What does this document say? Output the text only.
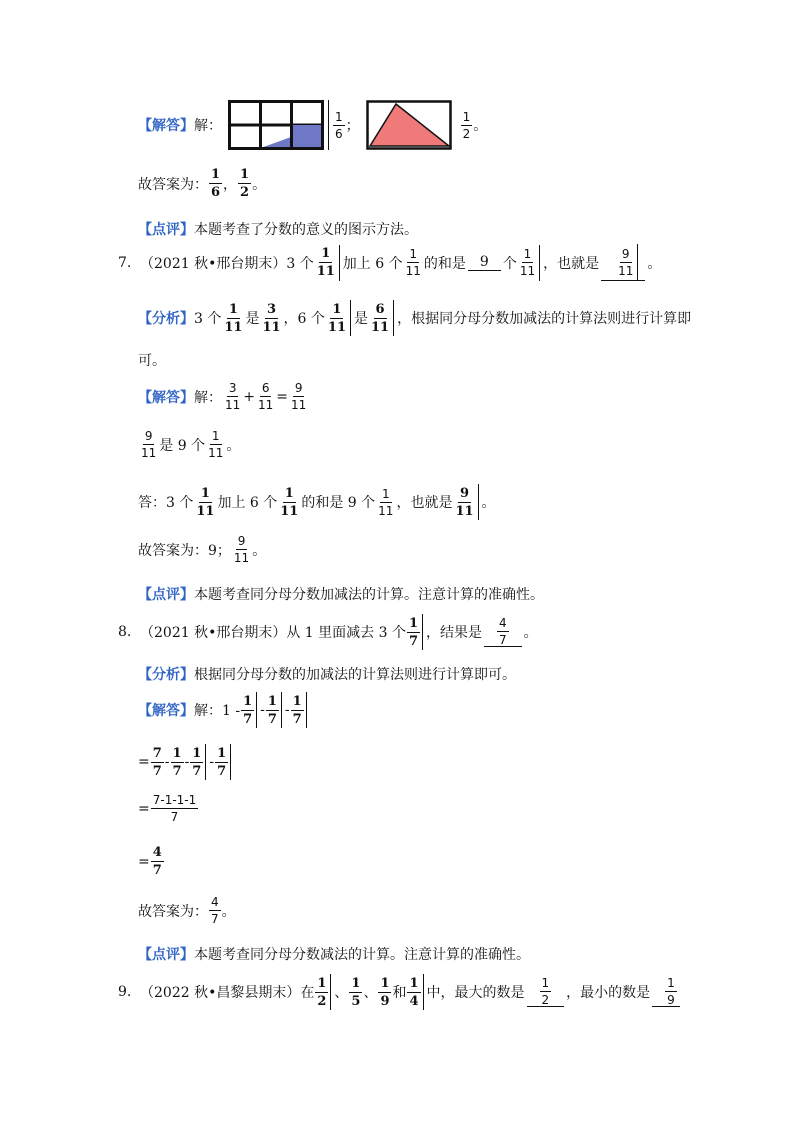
【解答】 解：	$\frac{1}{6}$ ；	$\frac{1}{2}$ 。
故答案为： $\frac{1}{6}$ ， $\frac{1}{2}$ 。
【点评】 本题考查了分数的意义的图示方法。
7. （2021 秋•邢台期末） 3 个 $\frac{1}{11}$ 加上 6 个 $\frac{1}{11}$ 的和是 9 个 $\frac{1}{11}$ ，也就是 $\frac{9}{11}$ 。
【分析】 3 个 $\frac{1}{11}$ 是 $\frac{3}{11}$ ，6 个 $\frac{1}{11}$ 是 $\frac{6}{11}$ ，根据同分母分数加减法的计算法则进行计算即
可。
【解答】 解： $\frac{3}{11} + \frac{6}{11} = \frac{9}{11}$
$\frac{9}{11}$ 是 9 个 $\frac{1}{11}$ 。
答：3 个 $\frac{1}{11}$ 加上 6 个 $\frac{1}{11}$ 的和是 9 个 $\frac{1}{11}$ ，也就是 $\frac{9}{11}$ 。
故答案为：9； $\frac{9}{11}$ 。
【点评】 本题考查同分母分数加减法的计算。注意计算的准确性。
8. （2021 秋•邢台期末） 从 1 里面减去 3 个 $\frac{1}{7}$ ，结果是 $\frac{4}{7}$ 。
【分析】 根据同分母分数的加减法的计算法则进行计算即可。
【解答】 解：$1 - \frac{1}{7} - \frac{1}{7} - \frac{1}{7}$
= $\frac{7}{7} - \frac{1}{7} - \frac{1}{7} - \frac{1}{7}$
= $\frac{7-1-1-1}{7}$
= $\frac{4}{7}$
故答案为： $\frac{4}{7}$ 。
【点评】 本题考查同分母分数减法的计算。注意计算的准确性。
9. （2022 秋•昌黎县期末） 在 $\frac{1}{2}$ 、 $\frac{1}{5}$ 、 $\frac{1}{9}$ 和 $\frac{1}{4}$ 中，最大的数是 $\frac{1}{2}$ ，最小的数是 $\frac{1}{9}$
